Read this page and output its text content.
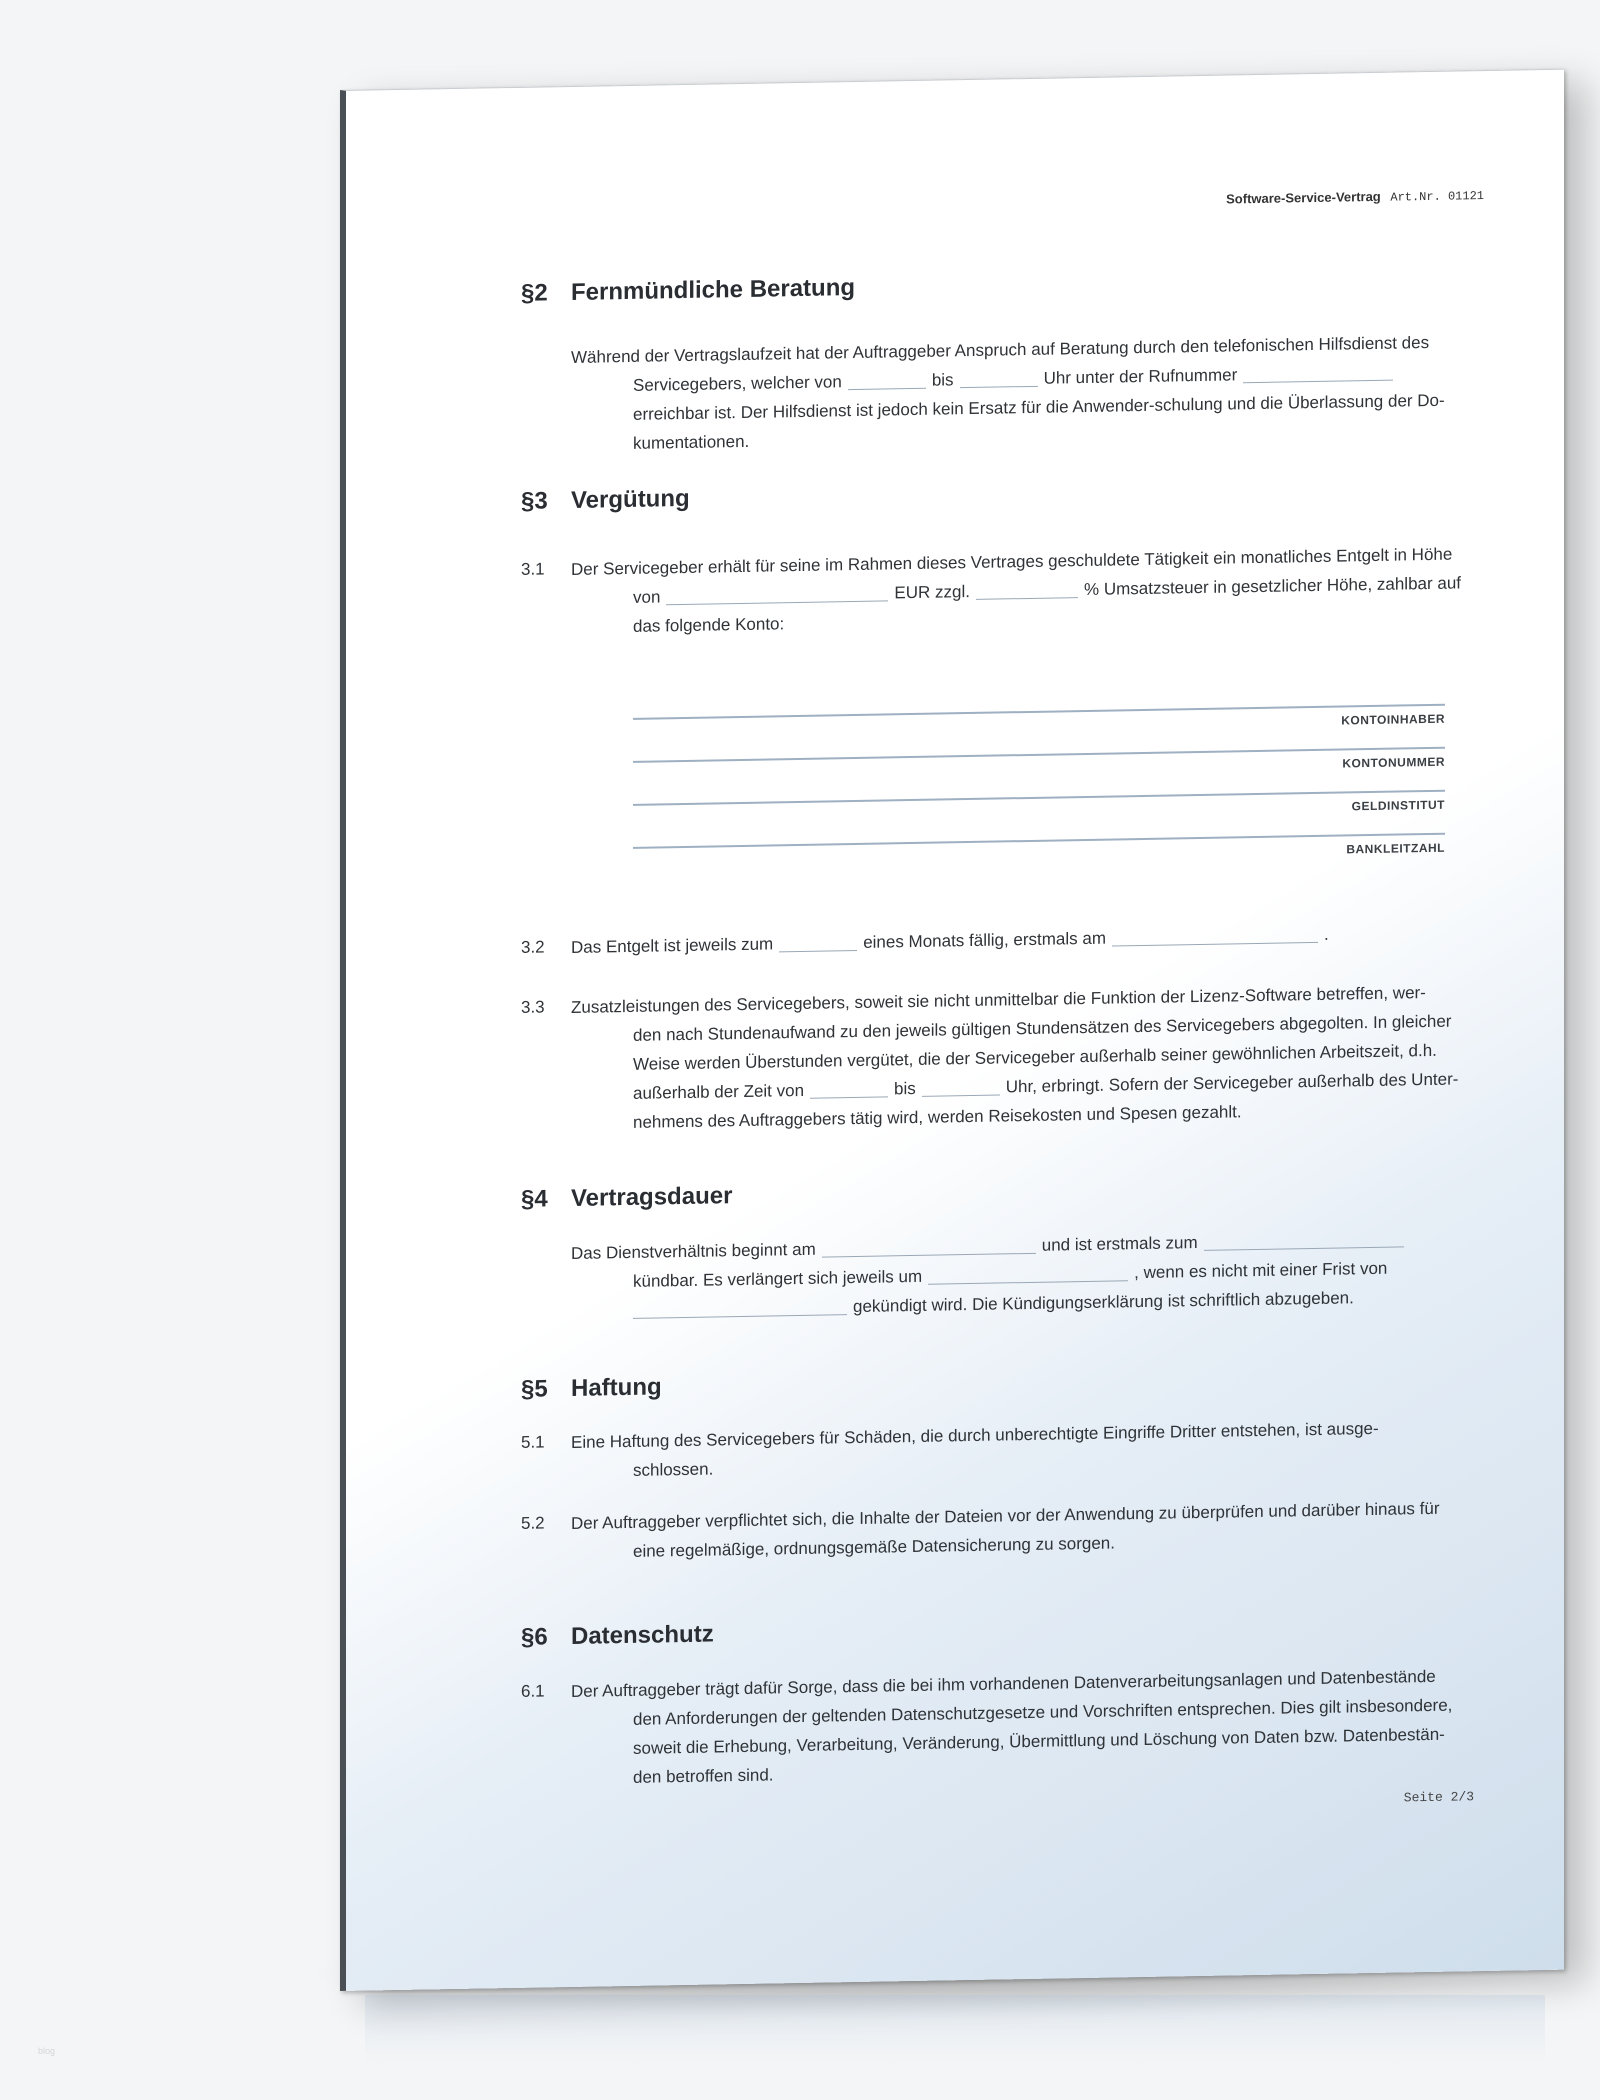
Software-Service-Vertrag Art.Nr. 01121
§2 Fernmündliche Beratung
Während der Vertragslaufzeit hat der Auftraggeber Anspruch auf Beratung durch den telefonischen Hilfsdienst des
Servicegebers, welcher von	bis	Uhr unter der Rufnummer
erreichbar ist. Der Hilfsdienst ist jedoch kein Ersatz für die Anwender-schulung und die Überlassung der Do-
kumentationen.
§3 Vergütung
3.1 Der Servicegeber erhält für seine im Rahmen dieses Vertrages geschuldete Tätigkeit ein monatliches Entgelt in Höhe
von	EUR zzgl.	% Umsatzsteuer in gesetzlicher Höhe, zahlbar auf
das folgende Konto:
KONTOINHABER
KONTONUMMER
GELDINSTITUT
BANKLEITZAHL
3.2 Das Entgelt ist jeweils zum	eines Monats fällig, erstmals am	.
3.3 Zusatzleistungen des Servicegebers, soweit sie nicht unmittelbar die Funktion der Lizenz-Software betreffen, wer-
den nach Stundenaufwand zu den jeweils gültigen Stundensätzen des Servicegebers abgegolten. In gleicher
Weise werden Überstunden vergütet, die der Servicegeber außerhalb seiner gewöhnlichen Arbeitszeit, d.h.
außerhalb der Zeit von	bis	Uhr, erbringt. Sofern der Servicegeber außerhalb des Unter-
nehmens des Auftraggebers tätig wird, werden Reisekosten und Spesen gezahlt.
§4 Vertragsdauer
Das Dienstverhältnis beginnt am	und ist erstmals zum
kündbar. Es verlängert sich jeweils um	, wenn es nicht mit einer Frist von
gekündigt wird. Die Kündigungserklärung ist schriftlich abzugeben.
§5 Haftung
5.1 Eine Haftung des Servicegebers für Schäden, die durch unberechtigte Eingriffe Dritter entstehen, ist ausge-
schlossen.
5.2 Der Auftraggeber verpflichtet sich, die Inhalte der Dateien vor der Anwendung zu überprüfen und darüber hinaus für
eine regelmäßige, ordnungsgemäße Datensicherung zu sorgen.
§6 Datenschutz
6.1 Der Auftraggeber trägt dafür Sorge, dass die bei ihm vorhandenen Datenverarbeitungsanlagen und Datenbestände
den Anforderungen der geltenden Datenschutzgesetze und Vorschriften entsprechen. Dies gilt insbesondere,
soweit die Erhebung, Verarbeitung, Veränderung, Übermittlung und Löschung von Daten bzw. Datenbestän-
den betroffen sind.
Seite 2/3
blog
